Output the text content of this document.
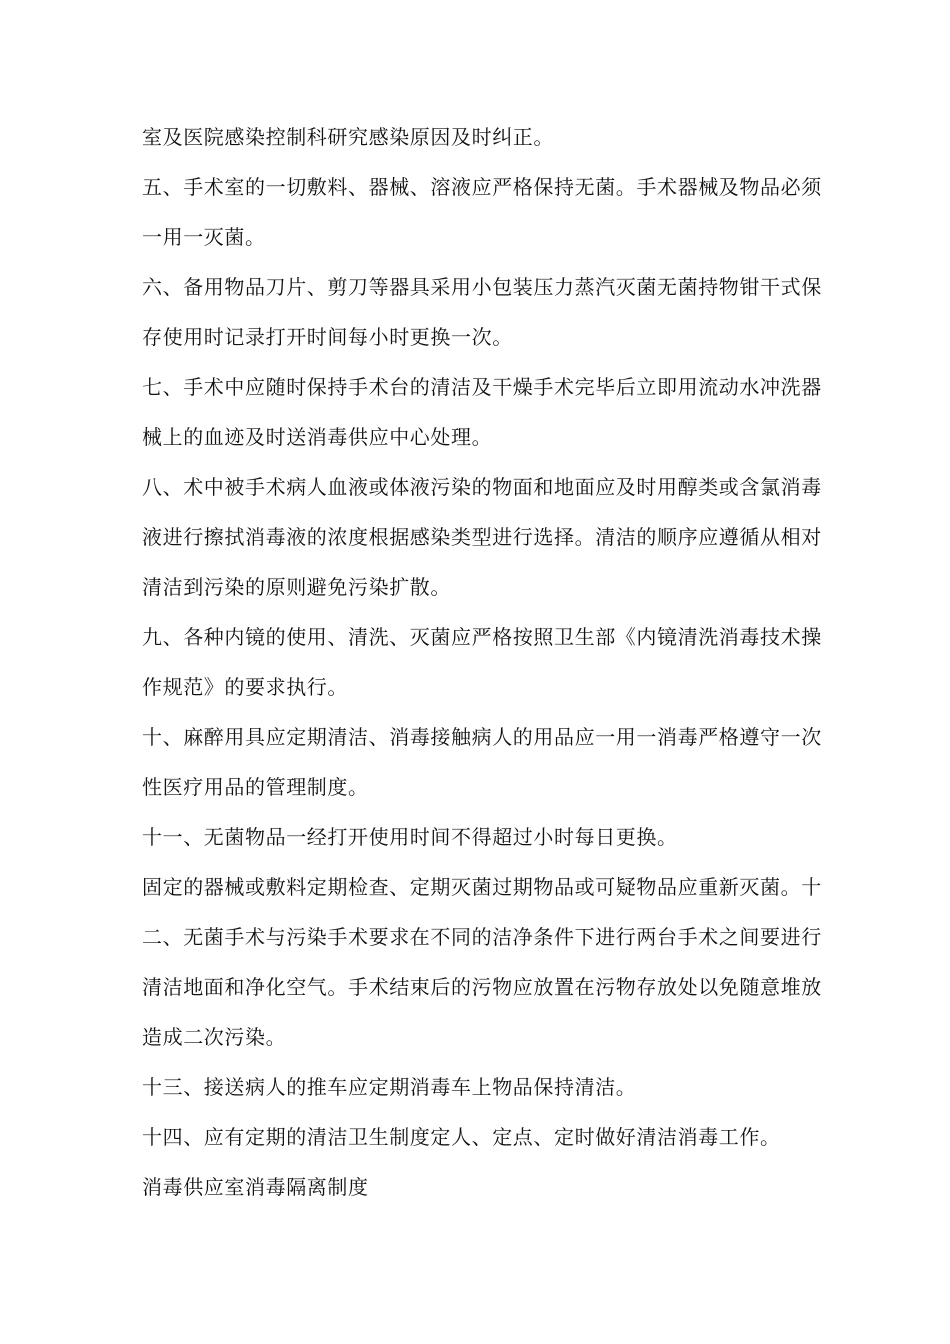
室及医院感染控制科研究感染原因及时纠正。
五、手术室的一切敷料、器械、溶液应严格保持无菌。手术器械及物品必须
一用一灭菌。
六、备用物品刀片、剪刀等器具采用小包装压力蒸汽灭菌无菌持物钳干式保
存使用时记录打开时间每小时更换一次。
七、手术中应随时保持手术台的清洁及干燥手术完毕后立即用流动水冲洗器
械上的血迹及时送消毒供应中心处理。
八、术中被手术病人血液或体液污染的物面和地面应及时用醇类或含氯消毒
液进行擦拭消毒液的浓度根据感染类型进行选择。清洁的顺序应遵循从相对
清洁到污染的原则避免污染扩散。
九、各种内镜的使用、清洗、灭菌应严格按照卫生部《内镜清洗消毒技术操
作规范》的要求执行。
十、麻醉用具应定期清洁、消毒接触病人的用品应一用一消毒严格遵守一次
性医疗用品的管理制度。
十一、无菌物品一经打开使用时间不得超过小时每日更换。
固定的器械或敷料定期检查、定期灭菌过期物品或可疑物品应重新灭菌。十
二、无菌手术与污染手术要求在不同的洁净条件下进行两台手术之间要进行
清洁地面和净化空气。手术结束后的污物应放置在污物存放处以免随意堆放
造成二次污染。
十三、接送病人的推车应定期消毒车上物品保持清洁。
十四、应有定期的清洁卫生制度定人、定点、定时做好清洁消毒工作。
消毒供应室消毒隔离制度
